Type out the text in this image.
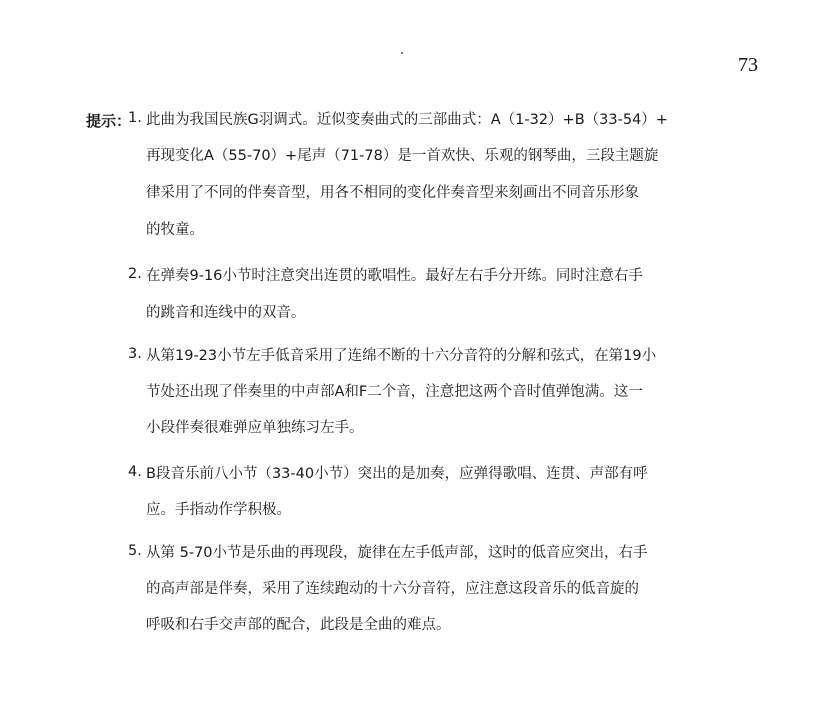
73
提示：
1. 此曲为我国民族G羽调式。近似变奏曲式的三部曲式：A（1-32）+B（33-54）+
再现变化A（55-70）+尾声（71-78）是一首欢快、乐观的钢琴曲，三段主题旋
律采用了不同的伴奏音型，用各不相同的变化伴奏音型来刻画出不同音乐形象
的牧童。
2. 在弹奏9-16小节时注意突出连贯的歌唱性。最好左右手分开练。同时注意右手
的跳音和连线中的双音。
3. 从第19-23小节左手低音采用了连绵不断的十六分音符的分解和弦式，在第19小
节处还出现了伴奏里的中声部A和F二个音，注意把这两个音时值弹饱满。这一
小段伴奏很难弹应单独练习左手。
4. B段音乐前八小节（33-40小节）突出的是加奏，应弹得歌唱、连贯、声部有呼
应。手指动作学积极。
5. 从第 5-70小节是乐曲的再现段，旋律在左手低声部，这时的低音应突出，右手
的高声部是伴奏，采用了连续跑动的十六分音符，应注意这段音乐的低音旋的
呼吸和右手交声部的配合，此段是全曲的难点。
